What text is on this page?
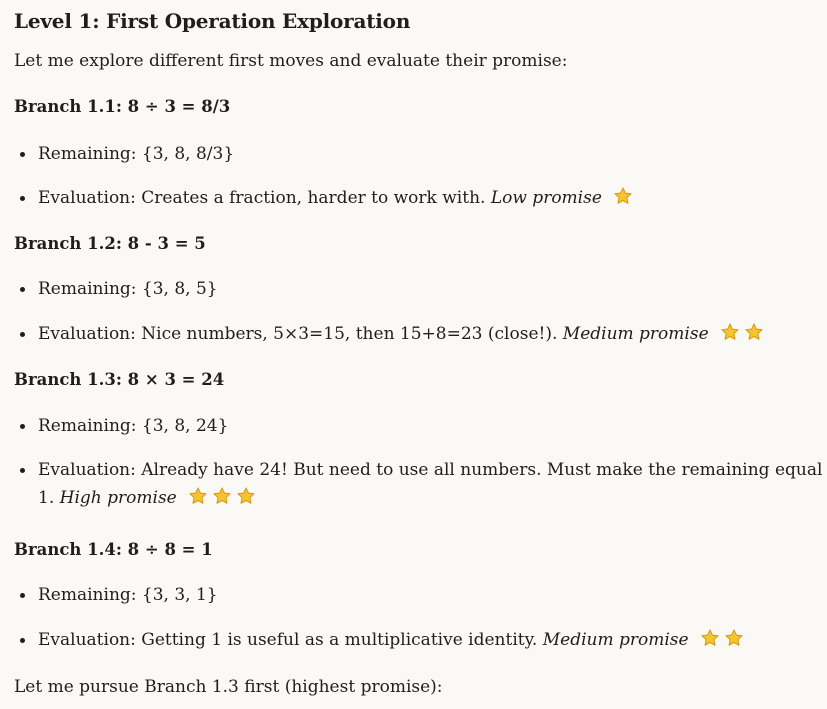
Level 1: First Operation Exploration

Let me explore different first moves and evaluate their promise:

Branch 1.1: 8 ÷ 3 = 8/3

Remaining: {3, 8, 8/3}

Evaluation: Creates a fraction, harder to work with. Low promise

Branch 1.2: 8 - 3 = 5

Remaining: {3, 8, 5}

Evaluation: Nice numbers, 5×3=15, then 15+8=23 (close!). Medium promise

Branch 1.3: 8 × 3 = 24

Remaining: {3, 8, 24}

Evaluation: Already have 24! But need to use all numbers. Must make the remaining equal 1. High promise

Branch 1.4: 8 ÷ 8 = 1

Remaining: {3, 3, 1}

Evaluation: Getting 1 is useful as a multiplicative identity. Medium promise

Let me pursue Branch 1.3 first (highest promise):
